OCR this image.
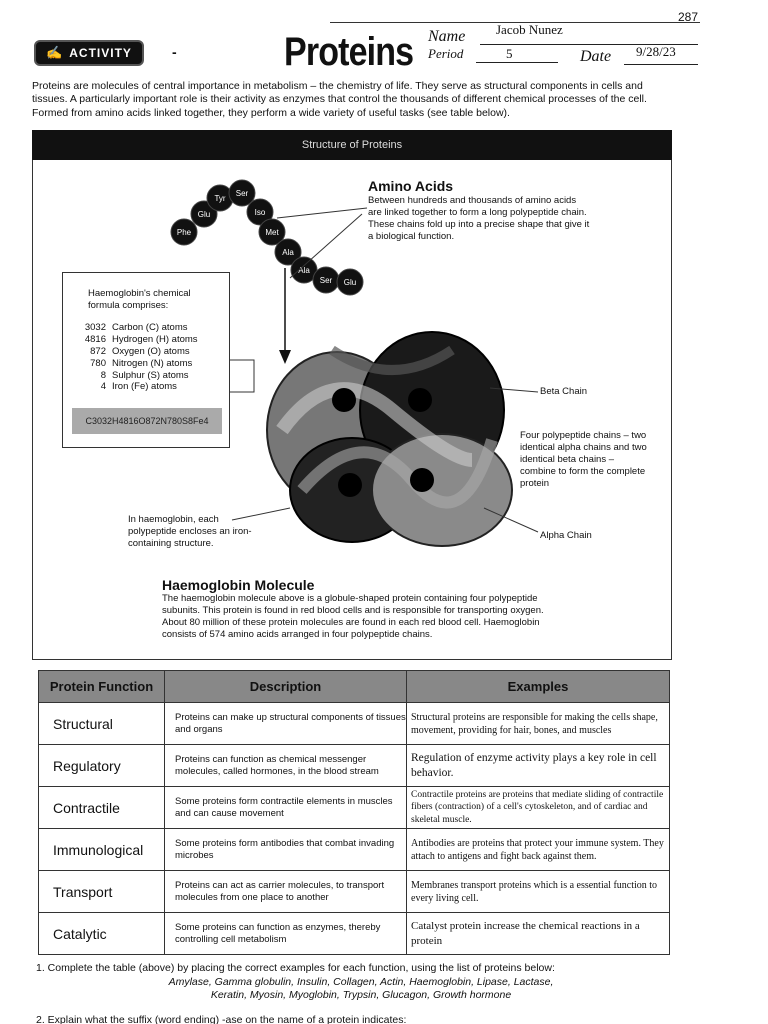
287
✍ ACTIVITY	-	Proteins Name Jacob Nunez
Period	5	Date 9/28/23
Proteins are molecules of central importance in metabolism – the chemistry of life. They serve as structural components in cells and tissues. A particularly important role is their activity as enzymes that control the thousands of different chemical processes of the cell. Formed from amino acids linked together, they perform a wide variety of useful tasks (see table below).
Structure of Proteins
Phe
Glu
Tyr
Ser
Iso
Met
Ala
Ala
Ser Glu
Amino Acids
Between hundreds and thousands of amino acids are linked together to form a long polypeptide chain. These chains fold up into a precise shape that give it a biological function.
Haemoglobin's chemical formula comprises:
3032 Carbon (C) atoms
4816 Hydrogen (H) atoms
872 Oxygen (O) atoms
780 Nitrogen (N) atoms
8 Sulphur (S) atoms
4 Iron (Fe) atoms
C3032H4816O872N780S8Fe4
Beta Chain
Four polypeptide chains – two identical alpha chains and two identical beta chains – combine to form the complete protein
Alpha Chain
In haemoglobin, each polypeptide encloses an iron-containing structure.
Haemoglobin Molecule
The haemoglobin molecule above is a globule-shaped protein containing four polypeptide subunits. This protein is found in red blood cells and is responsible for transporting oxygen. About 80 million of these protein molecules are found in each red blood cell. Haemoglobin consists of 574 amino acids arranged in four polypeptide chains.
Protein Function	Description	Examples
Structural	Proteins can make up structural components of tissues and organs	Structural proteins are responsible for making the cells shape, movement, providing for hair, bones, and muscles
Regulatory	Proteins can function as chemical messenger molecules, called hormones, in the blood stream	Regulation of enzyme activity plays a key role in cell behavior.
Contractile	Some proteins form contractile elements in muscles and can cause movement	Contractile proteins are proteins that mediate sliding of contractile fibers (contraction) of a cell's cytoskeleton, and of cardiac and skeletal muscle.
Immunological	Some proteins form antibodies that combat invading microbes	Antibodies are proteins that protect your immune system. They attach to antigens and fight back against them.
Transport	Proteins can act as carrier molecules, to transport molecules from one place to another	Membranes transport proteins which is a essential function to every living cell.
Catalytic	Some proteins can function as enzymes, thereby controlling cell metabolism	Catalyst protein increase the chemical reactions in a protein
1. Complete the table (above) by placing the correct examples for each function, using the list of proteins below:
Amylase, Gamma globulin, Insulin, Collagen, Actin, Haemoglobin, Lipase, Lactase, Keratin, Myosin, Myoglobin, Trypsin, Glucagon, Growth hormone
2. Explain what the suffix (word ending) -ase on the name of a protein indicates:
